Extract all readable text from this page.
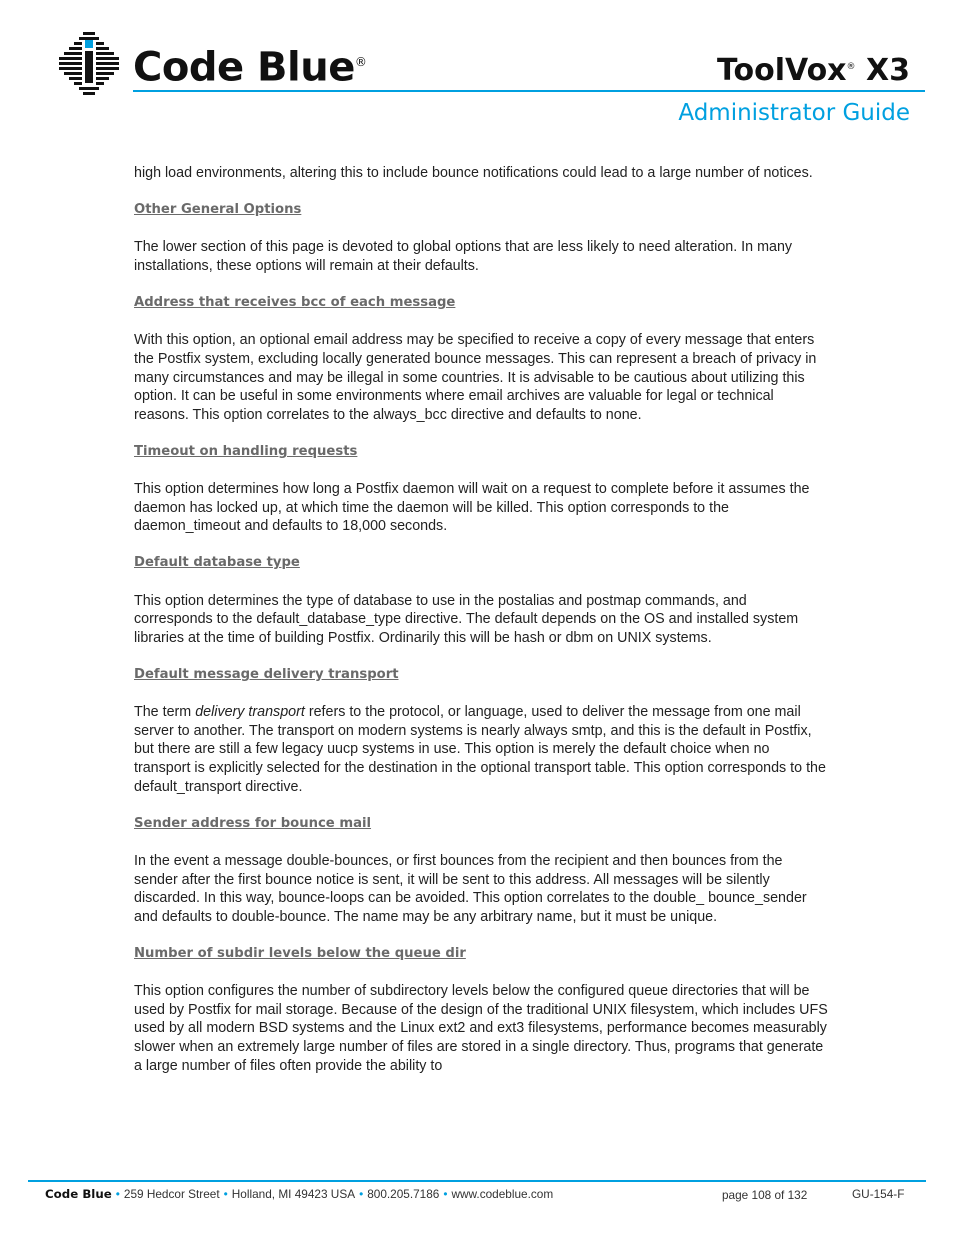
Code Blue®	ToolVox® X3
Administrator Guide

high load environments, altering this to include bounce notifications could lead to a large number of notices.

Other General Options

The lower section of this page is devoted to global options that are less likely to need alteration. In many installations, these options will remain at their defaults.

Address that receives bcc of each message

With this option, an optional email address may be specified to receive a copy of every message that enters the Postfix system, excluding locally generated bounce messages. This can represent a breach of privacy in many circumstances and may be illegal in some countries. It is advisable to be cautious about utilizing this option. It can be useful in some environments where email archives are valuable for legal or technical reasons. This option correlates to the always_bcc directive and defaults to none.

Timeout on handling requests

This option determines how long a Postfix daemon will wait on a request to complete before it assumes the daemon has locked up, at which time the daemon will be killed. This option corresponds to the daemon_timeout and defaults to 18,000 seconds.

Default database type

This option determines the type of database to use in the postalias and postmap commands, and corresponds to the default_database_type directive. The default depends on the OS and installed system libraries at the time of building Postfix. Ordinarily this will be hash or dbm on UNIX systems.

Default message delivery transport

The term delivery transport refers to the protocol, or language, used to deliver the message from one mail server to another. The transport on modern systems is nearly always smtp, and this is the default in Postfix, but there are still a few legacy uucp systems in use. This option is merely the default choice when no transport is explicitly selected for the destination in the optional transport table. This option corresponds to the default_transport directive.

Sender address for bounce mail

In the event a message double-bounces, or first bounces from the recipient and then bounces from the sender after the first bounce notice is sent, it will be sent to this address. All messages will be silently discarded. In this way, bounce-loops can be avoided. This option correlates to the double_ bounce_sender and defaults to double-bounce. The name may be any arbitrary name, but it must be unique.

Number of subdir levels below the queue dir

This option configures the number of subdirectory levels below the configured queue directories that will be used by Postfix for mail storage. Because of the design of the traditional UNIX filesystem, which includes UFS used by all modern BSD systems and the Linux ext2 and ext3 filesystems, performance becomes measurably slower when an extremely large number of files are stored in a single directory. Thus, programs that generate a large number of files often provide the ability to

Code Blue • 259 Hedcor Street • Holland, MI 49423 USA • 800.205.7186 • www.codeblue.com	page 108 of 132	GU-154-F
